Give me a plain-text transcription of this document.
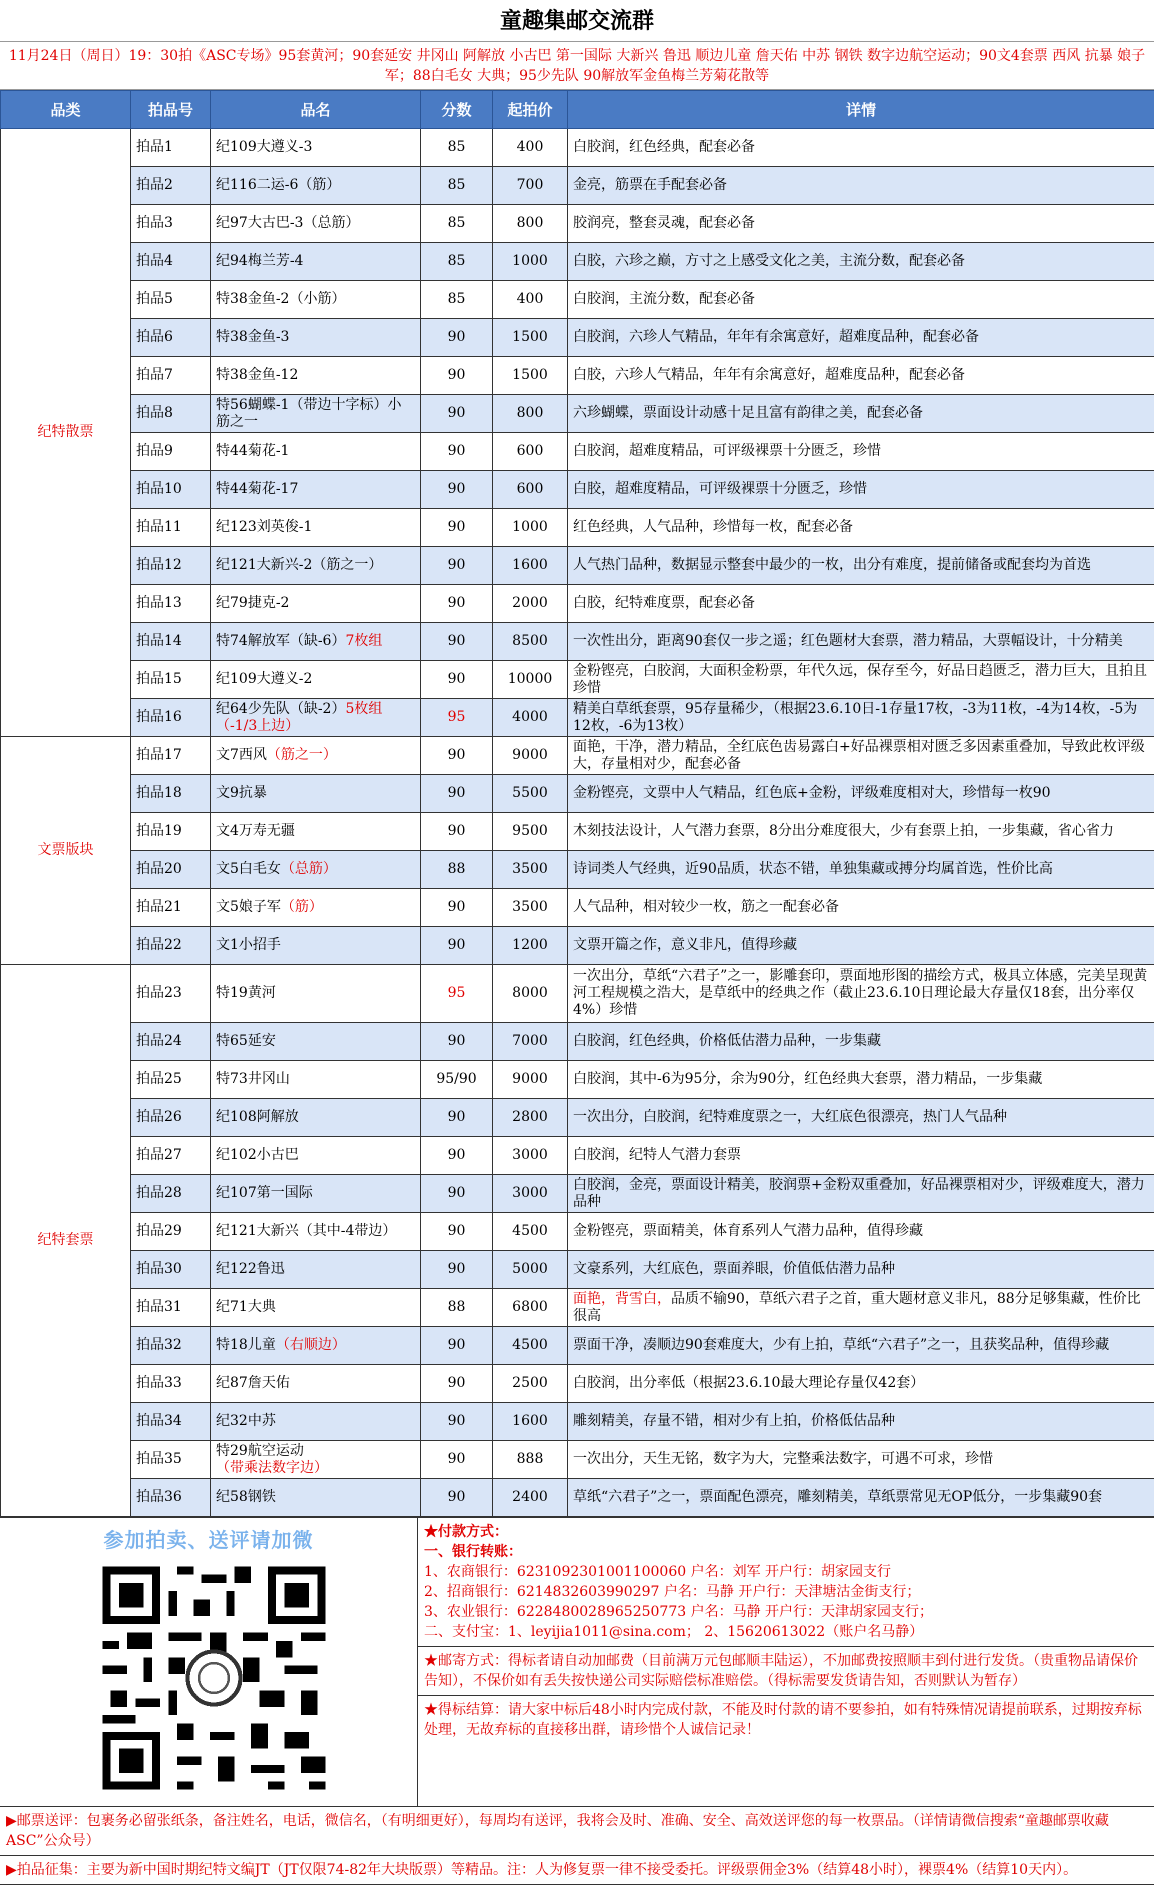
童趣集邮交流群
11月24日（周日）19：30拍《ASC专场》95套黄河；90套延安 井冈山 阿解放 小古巴 第一国际 大新兴 鲁迅 顺边儿童 詹天佑 中苏 钢铁 数字边航空运动；90文4套票 西风 抗暴 娘子军；88白毛女 大典；95少先队 90解放军金鱼梅兰芳菊花散等
品类	拍品号	品名	分数	起拍价	详情
纪特散票	拍品1	纪109大遵义-3	85	400	白胶润，红色经典，配套必备
	拍品2	纪116二运-6（筋）	85	700	金亮，筋票在手配套必备
	拍品3	纪97大古巴-3（总筋）	85	800	胶润亮，整套灵魂，配套必备
	拍品4	纪94梅兰芳-4	85	1000	白胶，六珍之巅，方寸之上感受文化之美，主流分数，配套必备
	拍品5	特38金鱼-2（小筋）	85	400	白胶润，主流分数，配套必备
	拍品6	特38金鱼-3	90	1500	白胶润，六珍人气精品，年年有余寓意好，超难度品种，配套必备
	拍品7	特38金鱼-12	90	1500	白胶，六珍人气精品，年年有余寓意好，超难度品种，配套必备
	拍品8	特56蝴蝶-1（带边十字标）小筋之一	90	800	六珍蝴蝶，票面设计动感十足且富有韵律之美，配套必备
	拍品9	特44菊花-1	90	600	白胶润，超难度精品，可评级裸票十分匮乏，珍惜
	拍品10	特44菊花-17	90	600	白胶，超难度精品，可评级裸票十分匮乏，珍惜
	拍品11	纪123刘英俊-1	90	1000	红色经典，人气品种，珍惜每一枚，配套必备
	拍品12	纪121大新兴-2（筋之一）	90	1600	人气热门品种，数据显示整套中最少的一枚，出分有难度，提前储备或配套均为首选
	拍品13	纪79捷克-2	90	2000	白胶，纪特难度票，配套必备
	拍品14	特74解放军（缺-6）7枚组	90	8500	一次性出分，距离90套仅一步之遥；红色题材大套票，潜力精品，大票幅设计，十分精美
	拍品15	纪109大遵义-2	90	10000	金粉铿亮，白胶润，大面积金粉票，年代久远，保存至今，好品日趋匮乏，潜力巨大，且拍且珍惜
	拍品16	纪64少先队（缺-2）5枚组（-1/3上边）	95	4000	精美白草纸套票，95存量稀少，（根据23.6.10日-1存量17枚，-3为11枚，-4为14枚，-5为12枚，-6为13枚）
文票版块	拍品17	文7西风（筋之一）	90	9000	面艳，干净，潜力精品，全红底色齿易露白+好品裸票相对匮乏多因素重叠加，导致此枚评级大，存量相对少，配套必备
	拍品18	文9抗暴	90	5500	金粉铿亮，文票中人气精品，红色底+金粉，评级难度相对大，珍惜每一枚90
	拍品19	文4万寿无疆	90	9500	木刻技法设计，人气潜力套票，8分出分难度很大，少有套票上拍，一步集藏，省心省力
	拍品20	文5白毛女（总筋）	88	3500	诗词类人气经典，近90品质，状态不错，单独集藏或搏分均属首选，性价比高
	拍品21	文5娘子军（筋）	90	3500	人气品种，相对较少一枚，筋之一配套必备
	拍品22	文1小招手	90	1200	文票开篇之作，意义非凡，值得珍藏
纪特套票	拍品23	特19黄河	95	8000	一次出分，草纸“六君子”之一，影雕套印，票面地形图的描绘方式，极具立体感，完美呈现黄河工程规模之浩大，是草纸中的经典之作（截止23.6.10日理论最大存量仅18套，出分率仅4%）珍惜
	拍品24	特65延安	90	7000	白胶润，红色经典，价格低估潜力品种，一步集藏
	拍品25	特73井冈山	95/90	9000	白胶润，其中-6为95分，余为90分，红色经典大套票，潜力精品，一步集藏
	拍品26	纪108阿解放	90	2800	一次出分，白胶润，纪特难度票之一，大红底色很漂亮，热门人气品种
	拍品27	纪102小古巴	90	3000	白胶润，纪特人气潜力套票
	拍品28	纪107第一国际	90	3000	白胶润，金亮，票面设计精美，胶润票+金粉双重叠加，好品裸票相对少，评级难度大，潜力品种
	拍品29	纪121大新兴（其中-4带边）	90	4500	金粉铿亮，票面精美，体育系列人气潜力品种，值得珍藏
	拍品30	纪122鲁迅	90	5000	文豪系列，大红底色，票面养眼，价值低估潜力品种
	拍品31	纪71大典	88	6800	面艳，背雪白，品质不输90，草纸六君子之首，重大题材意义非凡，88分足够集藏，性价比很高
	拍品32	特18儿童（右顺边）	90	4500	票面干净，凑顺边90套难度大，少有上拍，草纸“六君子”之一，且获奖品种，值得珍藏
	拍品33	纪87詹天佑	90	2500	白胶润，出分率低（根据23.6.10最大理论存量仅42套）
	拍品34	纪32中苏	90	1600	雕刻精美，存量不错，相对少有上拍，价格低估品种
	拍品35	特29航空运动（带乘法数字边）	90	888	一次出分，天生无铭，数字为大，完整乘法数字，可遇不可求，珍惜
	拍品36	纪58钢铁	90	2400	草纸“六君子”之一，票面配色漂亮，雕刻精美，草纸票常见无OP低分，一步集藏90套
参加拍卖、送评请加微	★付款方式：
一、银行转账：
1、农商银行：6231092301001100060 户名：刘军 开户行：胡家园支行
2、招商银行：6214832603990297 户名：马静 开户行：天津塘沽金街支行；
3、农业银行：6228480028965250773 户名：马静 开户行：天津胡家园支行；
二、支付宝：1、leyijia1011@sina.com； 2、15620613022（账户名马静）
★邮寄方式：得标者请自动加邮费（目前满万元包邮顺丰陆运），不加邮费按照顺丰到付进行发货。（贵重物品请保价告知），不保价如有丢失按快递公司实际赔偿标准赔偿。（得标需要发货请告知，否则默认为暂存）
★得标结算：请大家中标后48小时内完成付款，不能及时付款的请不要参拍，如有特殊情况请提前联系，过期按弃标处理，无故弃标的直接移出群，请珍惜个人诚信记录！
▶邮票送评：包裹务必留张纸条，备注姓名，电话，微信名，（有明细更好），每周均有送评，我将会及时、准确、安全、高效送评您的每一枚票品。（详情请微信搜索“童趣邮票收藏ASC”公众号）
▶拍品征集：主要为新中国时期纪特文编JT（JT仅限74-82年大块版票）等精品。注：人为修复票一律不接受委托。评级票佣金3%（结算48小时），裸票4%（结算10天内）。
